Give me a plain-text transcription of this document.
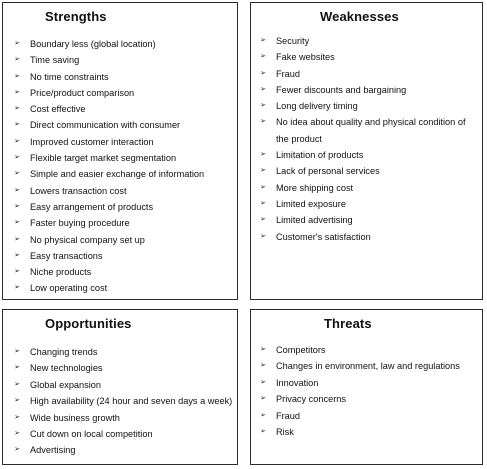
Strengths
➢ Boundary less (global location)
➢ Time saving
➢ No time constraints
➢ Price/product comparison
➢ Cost effective
➢ Direct communication with consumer
➢ Improved customer interaction
➢ Flexible target market segmentation
➢ Simple and easier exchange of information
➢ Lowers transaction cost
➢ Easy arrangement of products
➢ Faster buying procedure
➢ No physical company set up
➢ Easy transactions
➢ Niche products
➢ Low operating cost
Weaknesses
➢ Security
➢ Fake websites
➢ Fraud
➢ Fewer discounts and bargaining
➢ Long delivery timing
➢ No idea about quality and physical condition of the product
➢ Limitation of products
➢ Lack of personal services
➢ More shipping cost
➢ Limited exposure
➢ Limited advertising
➢ Customer's satisfaction
Opportunities
➢ Changing trends
➢ New technologies
➢ Global expansion
➢ High availability (24 hour and seven days a week)
➢ Wide business growth
➢ Cut down on local competition
➢ Advertising
Threats
➢ Competitors
➢ Changes in environment, law and regulations
➢ Innovation
➢ Privacy concerns
➢ Fraud
➢ Risk
